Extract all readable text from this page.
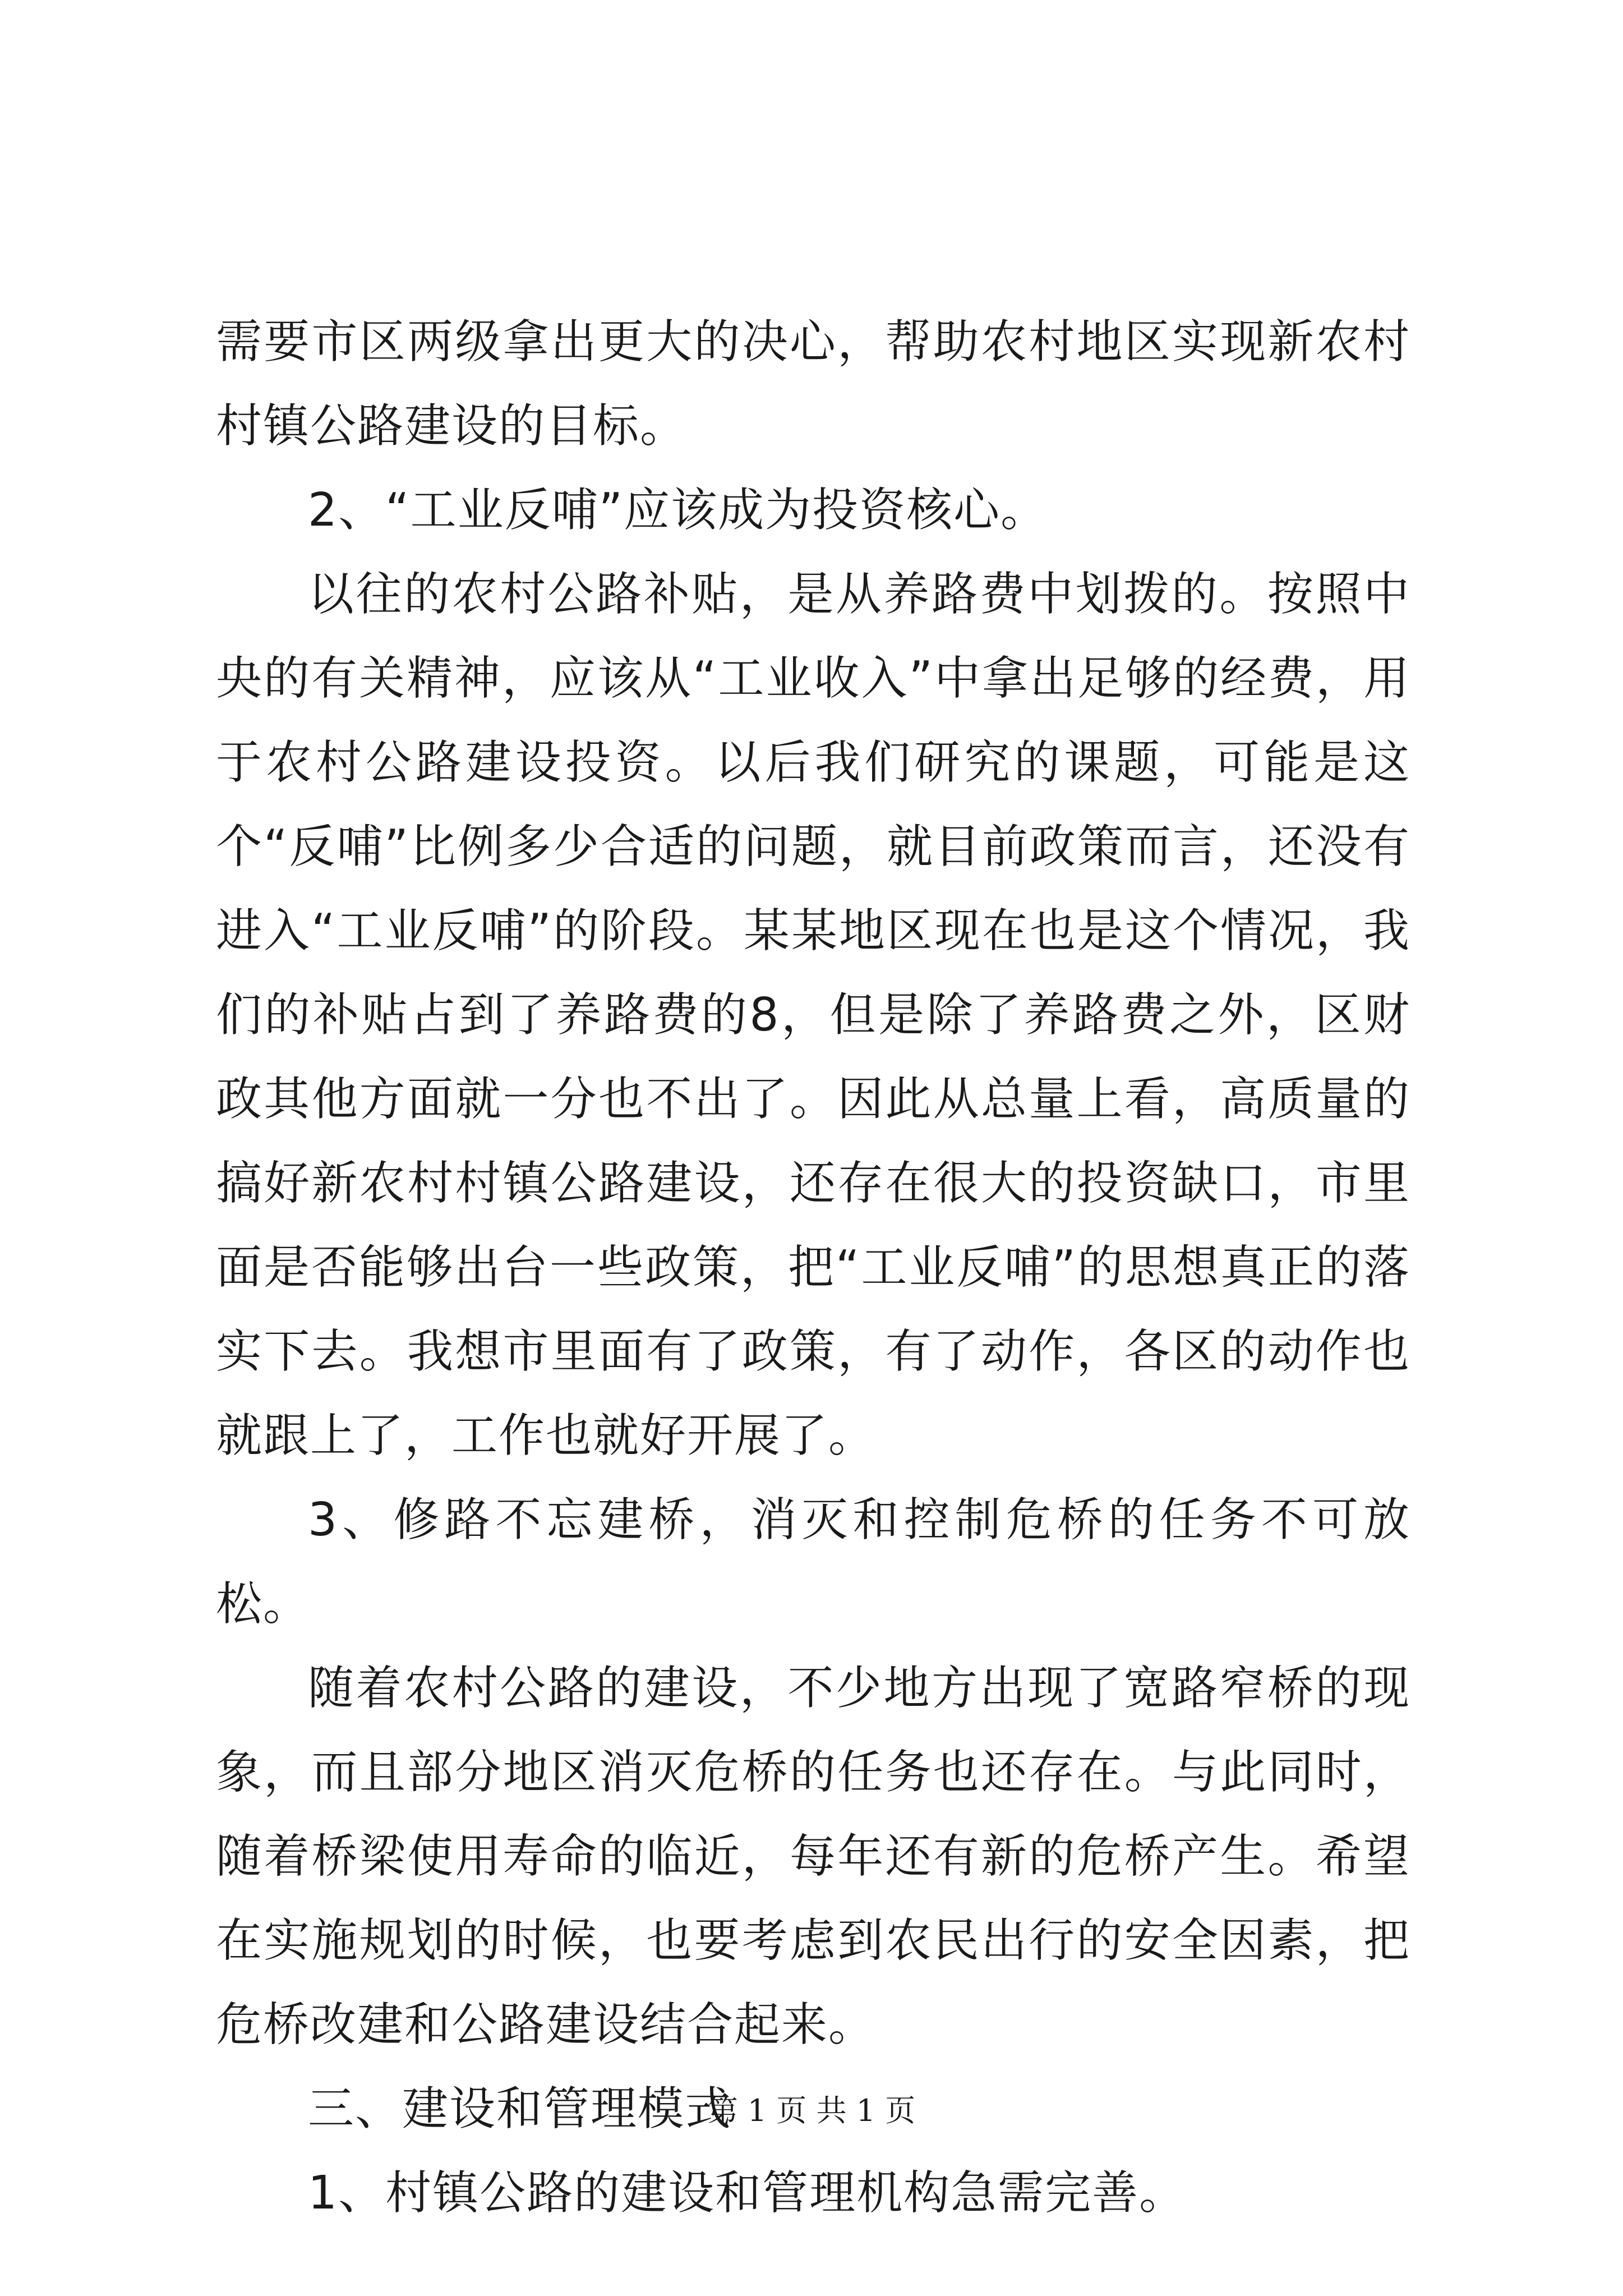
需要市区两级拿出更大的决心，帮助农村地区实现新农村村镇公路建设的目标。

2、“工业反哺”应该成为投资核心。

以往的农村公路补贴，是从养路费中划拨的。按照中央的有关精神，应该从“工业收入”中拿出足够的经费，用于农村公路建设投资。以后我们研究的课题，可能是这个“反哺”比例多少合适的问题，就目前政策而言，还没有进入“工业反哺”的阶段。某某地区现在也是这个情况，我们的补贴占到了养路费的8，但是除了养路费之外，区财政其他方面就一分也不出了。因此从总量上看，高质量的搞好新农村村镇公路建设，还存在很大的投资缺口，市里面是否能够出台一些政策，把“工业反哺”的思想真正的落实下去。我想市里面有了政策，有了动作，各区的动作也就跟上了，工作也就好开展了。

3、修路不忘建桥，消灭和控制危桥的任务不可放松。

随着农村公路的建设，不少地方出现了宽路窄桥的现象，而且部分地区消灭危桥的任务也还存在。与此同时，随着桥梁使用寿命的临近，每年还有新的危桥产生。希望在实施规划的时候，也要考虑到农民出行的安全因素，把危桥改建和公路建设结合起来。

三、建设和管理模式

1、村镇公路的建设和管理机构急需完善。

第 1 页 共 1 页
